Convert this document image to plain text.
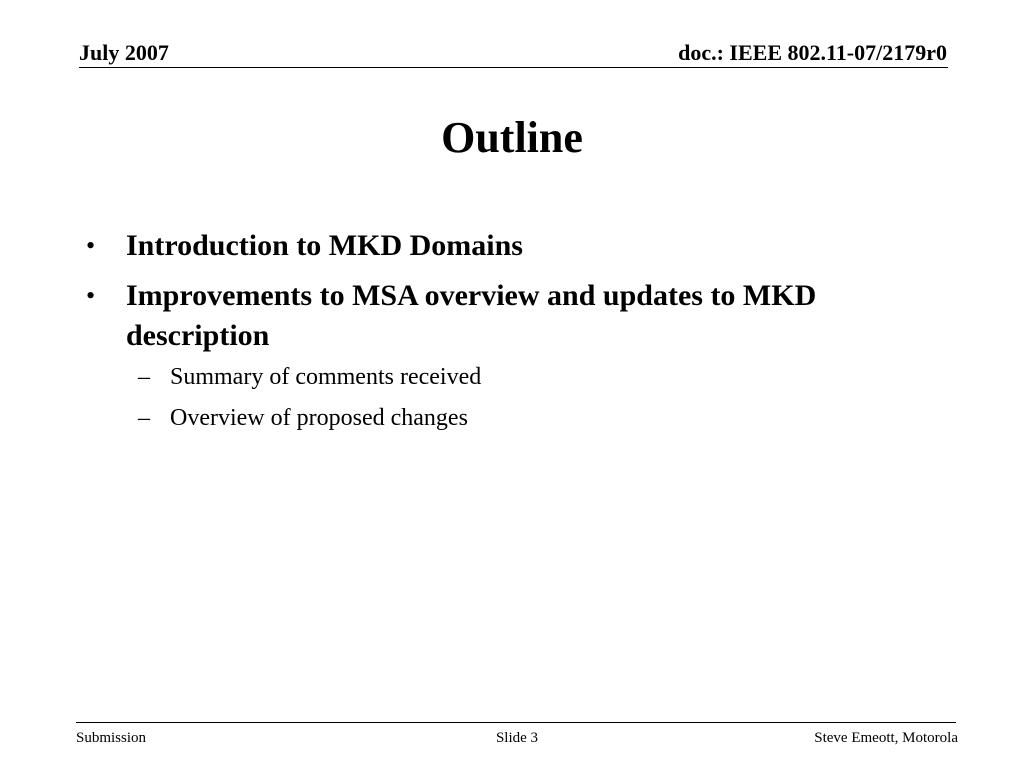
July 2007	doc.: IEEE 802.11-07/2179r0
Outline
• Introduction to MKD Domains
• Improvements to MSA overview and updates to MKD description
– Summary of comments received
– Overview of proposed changes
Submission	Slide 3	Steve Emeott, Motorola
